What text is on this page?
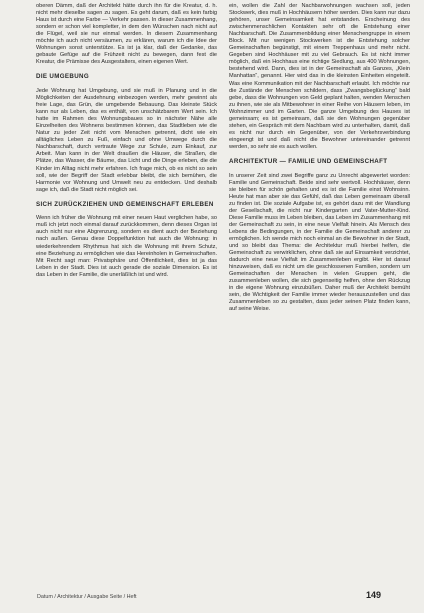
oberen Dämm, daß der Architekt hätte durch ihn für die Kreatur, d. h. nicht mehr dieselbe sagen zu sagen. Es geht darum, daß es kein farbig Haus ist durch eine Farbe — Verkehr passen. In dieser Zusammenhang, sondern er schon viel kompletter, in dem den Wünschen nach nicht auf die Flügel, weil sie nur einmal werden. In diesem Zusammenhang möchte ich auch nicht versäumen, zu erklären, warum ich die Idee der Wohnungen sonst unterstütze. Es ist ja klar, daß der Gedanke, das gebaute Gefüge auf die Frühzeit nicht zu bewegen, dann fest die Kreatur, die Prämisse des Ausgestalters, einen eigenen Wert.

DIE UMGEBUNG

Jede Wohnung hat Umgebung, und sie muß in Planung und in die Möglichkeiten der Ausdehnung einbezogen werden, mehr gewinnt als freie Lage, das Grün, die umgebende Bebauung. Das kleinste Stück kann nur als Leben, das es enthält, von unschätzbarem Wert sein. Ich hatte im Rahmen des Wohnungsbaues so in nächster Nähe alle Einzelheiten des Wohnens bestimmen können, das Stadtleben wie die Natur zu jeder Zeit nicht vom Menschen getrennt, dicht wie ein alltägliches Leben zu Fuß, einfach und ohne Umwege durch die Nachbarschaft, durch vertraute Wege zur Schule, zum Einkauf, zur Arbeit. Man kann in der Welt draußen die Häuser, die Straßen, die Plätze, das Wasser, die Bäume, das Licht und die Dinge erleben, die die Kinder im Alltag nicht mehr erfahren. Ich frage mich, ob es nicht so sein soll, wie der Begriff der Stadt erlebbar bleibt, die sich bemühen, die Harmonie vor Wohnung und Umwelt neu zu entdecken. Und deshalb sage ich, daß die Stadt nicht möglich sei.

SICH ZURÜCKZIEHEN UND GEMEINSCHAFT ERLEBEN

Wenn ich früher die Wohnung mit einer neuen Haut verglichen habe, so muß ich jetzt noch einmal darauf zurückkommen, denn dieses Organ ist auch nicht nur eine Abgrenzung, sondern es dient auch der Beziehung nach außen. Genau diese Doppelfunktion hat auch die Wohnung: in wiederkehrendem Rhythmus hat sich die Wohnung mit ihrem Schutz, eine Beziehung zu ermöglichen wie das Hereinholen in Gemeinschaften. Mit Recht sagt man: Privatsphäre und Öffentlichkeit, dies ist ja das Leben in der Stadt. Dies ist auch gerade die soziale Dimension. Es ist das Leben in der Familie, die unerläßlich ist und wird.

ein, wollen die Zahl der Nachbarwohnungen wachsen soll, jeden Stockwerk, dies muß in Hochhäusern höher werden. Dies kann nur dazu gehören, unser Gemeinsamkeit hat entstanden. Erscheinung des zwischenmenschlichen Kontakten sehr oft die Entstehung einer Nachbarschaft. Die Zusammenbildung einer Menschengruppe in einem Block. Mit nur wenigen Stockwerken ist die Entstehung solcher Gemeinschaften begünstigt, mit einem Treppenhaus und mehr nicht. Gegeben sind Hochhäuser mit zu viel Gebrauch. Es ist nicht immer möglich, daß ein Hochhaus eine richtige Siedlung, aus 400 Wohnungen, bestehend wird. Dann, dies ist in der Gemeinschaft als Ganzes, „Klein Manhattan“, genannt. Hier wird das in die kleinsten Einheiten eingeteilt. Was eine Kommunikation mit der Nachbarschaft erlaubt. Ich möchte nur die Zustände der Menschen schildern, dass „Zwangsbeglückung“ bald gebe, dass die Wohnungen von Geld geplant halten, wenden Menschen zu ihnen, wie sie als Mitbewohner in einer Reihe von Häusern leben, im Wohnzimmer und im Garten. Die ganze Umgebung des Hauses ist gemeinsam; es ist gemeinsam, daß sie den Wohnungen gegenüber stehen, ein Gespräch mit dem Nachbarn wird zu unterhalten, damit, daß es nicht nur durch ein Gegenüber, von der Verkehrsverbindung eingeengt ist und daß nicht die Bewohner untereinander getrennt werden, so sehr sie es auch wollen.

ARCHITEKTUR — FAMILIE UND GEMEINSCHAFT

In unserer Zeit sind zwei Begriffe ganz zu Unrecht abgewertet worden: Familie und Gemeinschaft. Beide sind sehr wertvoll. Hochhäuser, denn sie bleiben für schön gehalten und es ist die Familie einst Wohnsinn. Heute hat man aber sie das Gefühl, daß das Leben gemeinsam überall zu finden ist. Die soziale Aufgabe ist, es gehört dazu mit der Wandlung der Gesellschaft, die nicht nur Kindergarten und Vater-Mutter-Kind. Diese Familie muss im Leben bleiben, das Leben im Zusammenhang mit der Gemeinschaft zu sein, in eine neue Vielfalt hinein. Als Mensch des Lebens die Bedingungen, in der Familie die Gemeinschaft anderer zu ermöglichen. Ich wende mich noch einmal an die Bewohner in der Stadt, und so bleibt das Thema: die Architektur muß hierbei helfen, die Gemeinschaft zu verwirklichen, ohne daß sie auf Einsamkeit verzichtet, dadurch eine neue Vielfalt im Zusammenleben ergibt. Hier ist darauf hinzuweisen, daß es nicht um die geschlossenen Familien, sondern um Gemeinschaften der Menschen in vielen Gruppen geht, die zusammenleben wollen, die sich gegenseitig helfen, ohne den Rückzug in die eigene Wohnung einzubüßen. Daher muß der Architekt bemüht sein, die Wichtigkeit der Familie immer wieder herauszustellen und das Zusammenleben so zu gestalten, dass jeder seinen Platz finden kann, auf seine Weise.

Datum / Architektur / Ausgabe Seite / Heft	149
